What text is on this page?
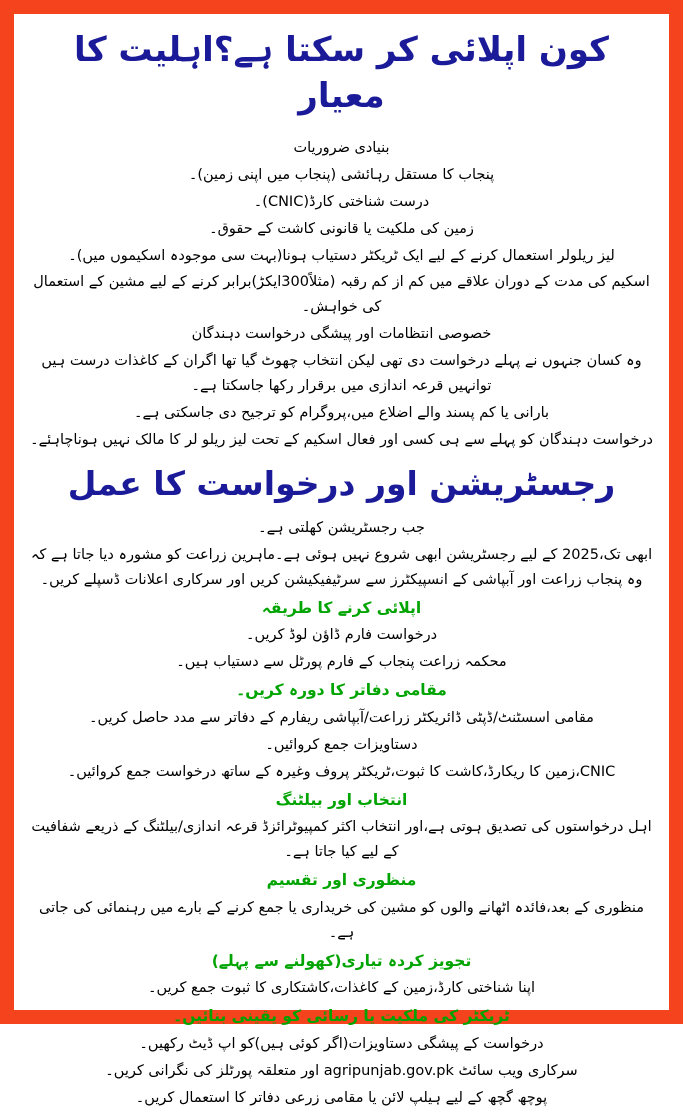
کون اپلائی کر سکتا ہے؟اہلیت کا معیار

بنیادی ضروریات

پنجاب کا مستقل رہائشی (پنجاب میں اپنی زمین)۔

درست شناختی کارڈ(CNIC)۔

زمین کی ملکیت یا قانونی کاشت کے حقوق۔

لیز ریلولر استعمال کرنے کے لیے ایک ٹریکٹر دستیاب ہونا(بہت سی موجودہ اسکیموں میں)۔

اسکیم کی مدت کے دوران علاقے میں کم از کم رقبہ (مثلاً300ایکڑ)برابر کرنے کے لیے مشین کے استعمال کی خواہش۔

خصوصی انتظامات اور پیشگی درخواست دہندگان

وہ کسان جنہوں نے پہلے درخواست دی تھی لیکن انتخاب چھوٹ گیا تھا اگران کے کاغذات درست ہیں توانہیں قرعہ اندازی میں برقرار رکھا جاسکتا ہے۔

بارانی یا کم پسند والے اضلاع میں،پروگرام کو ترجیح دی جاسکتی ہے۔

درخواست دہندگان کو پہلے سے ہی کسی اور فعال اسکیم کے تحت لیز ریلو لر کا مالک نہیں ہوناچاہئے۔

رجسٹریشن اور درخواست کا عمل

جب رجسٹریشن کھلتی ہے۔

ابھی تک،2025 کے لیے رجسٹریشن ابھی شروع نہیں ہوئی ہے۔ماہرین زراعت کو مشورہ دیا جاتا ہے کہ وہ پنجاب زراعت اور آبپاشی کے انسپیکٹرز سے سرٹیفیکیشن کریں اور سرکاری اعلانات ڈسپلے کریں۔

اپلائی کرنے کا طریقہ

درخواست فارم ڈاؤن لوڈ کریں۔

محکمہ زراعت پنجاب کے فارم پورٹل سے دستیاب ہیں۔

مقامی دفاتر کا دورہ کریں۔

مقامی اسسٹنٹ/ڈپٹی ڈائریکٹر زراعت/آبپاشی ریفارم کے دفاتر سے مدد حاصل کریں۔

دستاویزات جمع کروائیں۔

CNIC،زمین کا ریکارڈ،کاشت کا ثبوت،ٹریکٹر پروف وغیرہ کے ساتھ درخواست جمع کروائیں۔

انتخاب اور بیلٹنگ

اہل درخواستوں کی تصدیق ہوتی ہے،اور انتخاب اکثر کمپیوٹرائزڈ قرعہ اندازی/بیلٹنگ کے ذریعے شفافیت کے لیے کیا جاتا ہے۔

منظوری اور تقسیم

منظوری کے بعد،فائدہ اٹھانے والوں کو مشین کی خریداری یا جمع کرنے کے بارے میں رہنمائی کی جاتی ہے۔

تجویز کردہ تیاری(کھولنے سے پہلے)

اپنا شناختی کارڈ،زمین کے کاغذات،کاشتکاری کا ثبوت جمع کریں۔

ٹریکٹر کی ملکیت یا رسائی کو یقینی بنائیں۔

درخواست کے پیشگی دستاویزات(اگر کوئی ہیں)کو اپ ڈیٹ رکھیں۔

سرکاری ویب سائٹ agripunjab.gov.pk اور متعلقہ پورٹلز کی نگرانی کریں۔

پوچھ گچھ کے لیے ہیلپ لائن یا مقامی زرعی دفاتر کا استعمال کریں۔
